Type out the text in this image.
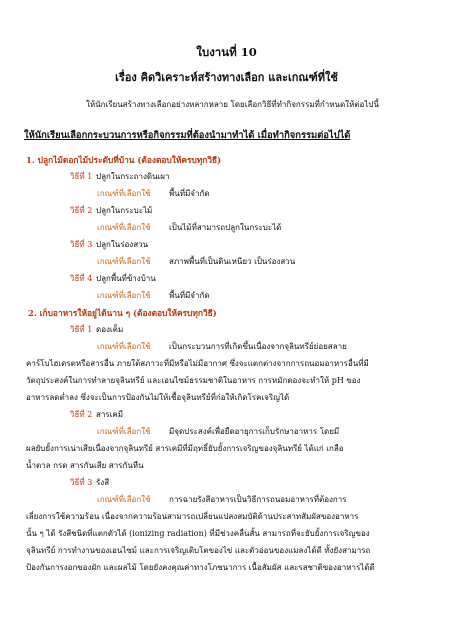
ใบงานที่ 10
เรื่อง คิดวิเคราะห์สร้างทางเลือก และเกณฑ์ที่ใช้
ให้นักเรียนสร้างทางเลือกอย่างหลากหลาย โดยเลือกวิธีที่ทำกิจกรรมที่กำหนดให้ต่อไปนี้
ให้นักเรียนเลือกกระบวนการหรือกิจกรรมที่ต้องนำมาทำได้ เมื่อทำกิจกรรมต่อไปได้
1. ปลูกไม้ดอกไม้ประดับที่บ้าน (ต้องตอบให้ครบทุกวิธี)
วิธีที่ 1 ปลูกในกระถางดินเผา
เกณฑ์ที่เลือกใช้ พื้นที่มีจำกัด
วิธีที่ 2 ปลูกในกระบะไม้
เกณฑ์ที่เลือกใช้ เป็นไม้ที่สามารถปลูกในกระบะได้
วิธีที่ 3 ปลูกในร่องสวน
เกณฑ์ที่เลือกใช้ สภาพพื้นที่เป็นดินเหนียว เป็นร่องสวน
วิธีที่ 4 ปลูกพื้นที่ข้างบ้าน
เกณฑ์ที่เลือกใช้ พื้นที่มีจำกัด
2. เก็บอาหารให้อยู่ได้นาน ๆ (ต้องตอบให้ครบทุกวิธี)
วิธีที่ 1 ดองเค็ม
เกณฑ์ที่เลือกใช้ เป็นกระบวนการที่เกิดขึ้นเนื่องจากจุลินทรีย์ย่อยสลาย
คาร์โบไฮเดรตหรือสารอื่น ภายใต้สภาวะที่มีหรือไม่มีอากาศ ซึ่งจะแตกต่างจากการถนอมอาหารอื่นที่มี
วัตถุประสงค์ในการทำลายจุลินทรีย์ และเอนไซม์ธรรมชาติในอาหาร การหมักดองจะทำให้ pH ของ
อาหารลดต่ำลง ซึ่งจะเป็นการป้องกันไม่ให้เชื้อจุลินทรีย์ที่ก่อให้เกิดโรคเจริญได้
วิธีที่ 2 สารเคมี
เกณฑ์ที่เลือกใช้ มีจุดประสงค์เพื่อยืดอายุการเก็บรักษาอาหาร โดยมี
ผลยับยั้งการเน่าเสียเนื่องจากจุลินทรีย์ สารเคมีที่มีฤทธิ์ยับยั้งการเจริญของจุลินทรีย์ ได้แก่ เกลือ
น้ำตาล กรด สารกันเสีย สารกันหืน
วิธีที่ 3 รังสี
เกณฑ์ที่เลือกใช้ การฉายรังสีอาหารเป็นวิธีการถนอมอาหารที่ต้องการ
เลี่ยงการใช้ความร้อน เนื่องจากความร้อนสามารถเปลี่ยนแปลงสมบัติด้านประสาทสัมผัสของอาหาร
นั้น ๆ ได้ รังสีชนิดที่แตกตัวได้ (ionizing radiation) ที่มีช่วงคลื่นสั้น สามารถที่จะยับยั้งการเจริญของ
จุลินทรีย์ การทำงานของเอนไซม์ และการเจริญเติบโตของไข่ และตัวอ่อนของแมลงได้ดี ทั้งยังสามารถ
ป้องกันการงอกของผัก และผลไม้ โดยยังคงคุณค่าทางโภชนาการ เนื้อสัมผัส และรสชาติของอาหารได้ดี
